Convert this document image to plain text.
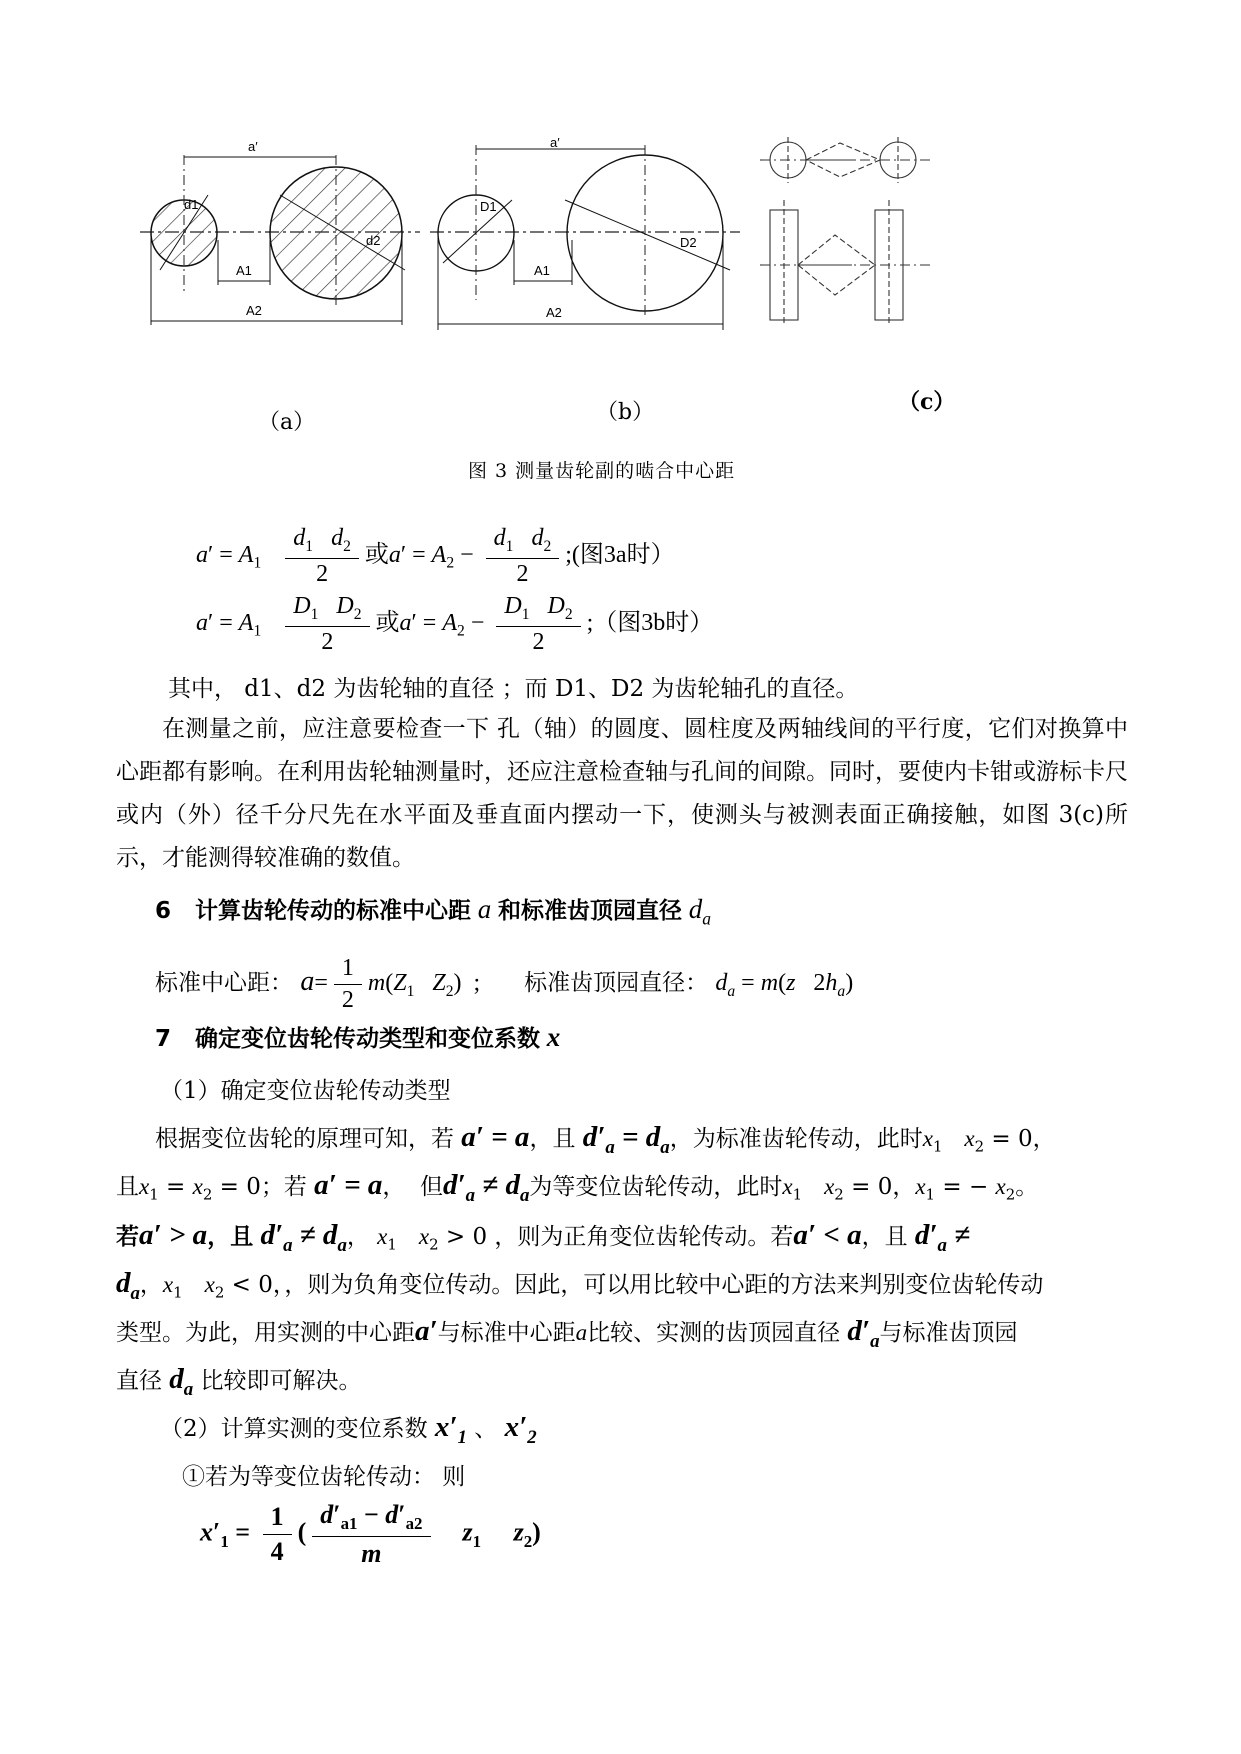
a′
d1
d2
A1
A2
a′
D1
D2
A1
A2
（a）	（b）	（c）
图 3 测量齿轮副的啮合中心距
$a' = A_1 \frac{d_1 d_2}{2}$ 或$a' = A_2 - \frac{d_1 d_2}{2}$ ;(图3a时）
$a' = A_1 \frac{D_1 D_2}{2}$ 或$a' = A_2 - \frac{D_1 D_2}{2}$ ;（图3b时）
其中， d1、d2 为齿轮轴的直径 ；而 D1、D2 为齿轮轴孔的直径。
在测量之前，应注意要检查一下 孔（轴）的圆度、圆柱度及两轴线间的平行度，它们对换算中心距都有影响。在利用齿轮轴测量时，还应注意检查轴与孔间的间隙。同时，要使内卡钳或游标卡尺或内（外）径千分尺先在水平面及垂直面内摆动一下，使测头与被测表面正确接触，如图 3(c)所示，才能测得较准确的数值。
6 计算齿轮传动的标准中心距 a 和标准齿顶园直径 $d_a$
标准中心距： $a= \frac{1}{2} m(Z_1$ $Z_2$)  ; 标准齿顶园直径： $d_a = m(z$   $2h_a$)
7 确定变位齿轮传动类型和变位系数 x
（1）确定变位齿轮传动类型
根据变位齿轮的原理可知，若 a′ = a，且 $d'_a = d_a$，为标准齿轮传动，此时$x_1$ $x_2 = 0$，
且$x_1 = x_2 = 0$；若 a′ = a，  但$d'_a \ne d_a$为等变位齿轮传动，此时$x_1$ $x_2 = 0$，$x_1$ = − $x_2$。
若a′ > a，且 $d'_a \ne d_a$， $x_1$ $x_2 > 0$ ，则为正角变位齿轮传动。若a′ < a，且 $d'_a$ ≠
$d_a$，$x_1$ $x_2 < 0$，，则为负角变位传动。因此，可以用比较中心距的方法来判别变位齿轮传动
类型。为此，用实测的中心距a′与标准中心距a比较、实测的齿顶园直径 $d'_a$与标准齿顶园
直径 $d_a$ 比较即可解决。
（2）计算实测的变位系数 $x'_1$ 、 $x'_2$
①若为等变位齿轮传动： 则
$x'_1 = \frac{1}{4}$ ( $\frac{d'_{a1} - d'_{a2}}{m} z_1$ $z_2$)
